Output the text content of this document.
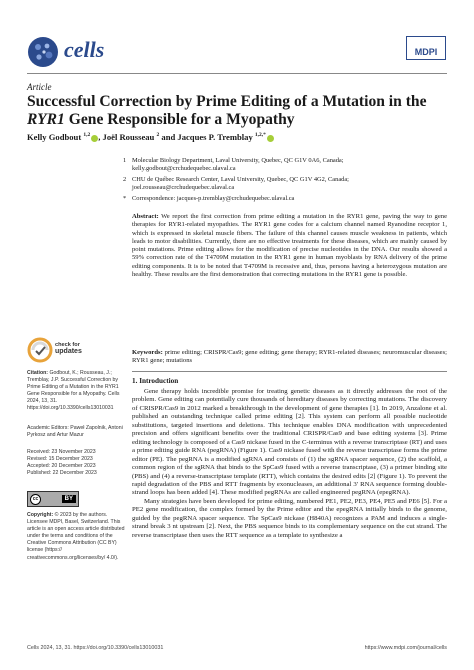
cells	MDPI
Article
Successful Correction by Prime Editing of a Mutation in the
RYR1 Gene Responsible for a Myopathy
Kelly Godbout $^{1,2}$ , Joël Rousseau $^2$ and Jacques P. Tremblay $^{1,2,*}$
1 Molecular Biology Department, Laval University, Quebec, QC G1V 0A6, Canada; kelly.godbout@crchudequebec.ulaval.ca
2 CHU de Québec Research Center, Laval University, Quebec, QC G1V 4G2, Canada; joel.rousseau@crchudequebec.ulaval.ca
* Correspondence: jacques-p.tremblay@crchudequebec.ulaval.ca
Abstract: We report the first correction from prime editing a mutation in the RYR1 gene, paving the way to gene therapies for RYR1-related myopathies. The RYR1 gene codes for a calcium channel named Ryanodine receptor 1, which is expressed in skeletal muscle fibers. The failure of this channel causes muscle weakness in patients, which leads to motor disabilities. Currently, there are no effective treatments for these diseases, which are mainly caused by point mutations. Prime editing allows for the modification of precise nucleotides in the DNA. Our results showed a 59% correction rate of the T4709M mutation in the RYR1 gene in human myoblasts by RNA delivery of the prime editing components. It is to be noted that T4709M is recessive and, thus, persons having a heterozygous mutation are healthy. These results are the first demonstration that correcting mutations in the RYR1 gene is possible.
Keywords: prime editing; CRISPR/Cas9; gene editing; gene therapy; RYR1-related diseases; neuromuscular diseases; RYR1 gene; mutations
check for
updates
Citation: Godbout, K.; Rousseau, J.; Tremblay, J.P. Successful Correction by Prime Editing of a Mutation in the RYR1 Gene Responsible for a Myopathy. Cells 2024, 13, 31. https://doi.org/10.3390/cells13010031
Academic Editors: Paweł Zapolnik, Antoni Pyrkosz and Artur Mazur
Received: 23 November 2023
Revised: 15 December 2023
Accepted: 20 December 2023
Published: 22 December 2023
cc	BY
Copyright: © 2023 by the authors. Licensee MDPI, Basel, Switzerland. This article is an open access article distributed under the terms and conditions of the Creative Commons Attribution (CC BY) license (https:// creativecommons.org/licenses/by/ 4.0/).
1. Introduction

Gene therapy holds incredible promise for treating genetic diseases as it directly addresses the root of the problem. Gene editing can potentially cure thousands of hereditary diseases by correcting mutations. The discovery of CRISPR/Cas9 in 2012 marked a breakthrough in the development of gene therapies [1]. In 2019, Anzalone et al. published an outstanding technique called prime editing [2]. This system can perform all possible nucleotide substitutions, targeted insertions and deletions. This technique enables DNA modification with unprecedented precision and offers significant benefits over the traditional CRISPR/Cas9 and base editing systems [3]. Prime editing technology is composed of a Cas9 nickase fused in the C-terminus with a reverse transcriptase (RT) and uses a prime editing guide RNA (pegRNA) (Figure 1). Cas9 nickase fused with the reverse transcriptase forms the prime editor (PE). The pegRNA is a modified sgRNA and consists of (1) the sgRNA spacer sequence, (2) the scaffold, a common region of the sgRNA that binds to the SpCas9 fused with a reverse transcriptase, (3) a primer binding site (PBS) and (4) a reverse-transcriptase template (RTT), which contains the desired edits [2] (Figure 1). To prevent the rapid degradation of the PBS and RTT fragments by exonucleases, an additional 3′ RNA sequence forming double-strand loops has been added [4]. These modified pegRNAs are called engineered pegRNA (epegRNA).

Many strategies have been developed for prime editing, numbered PE1, PE2, PE3, PE4, PE5 and PE6 [5]. For a PE2 gene modification, the complex formed by the Prime editor and the epegRNA initially binds to the genome, guided by the pegRNA spacer sequence. The SpCas9 nickase (H840A) recognizes a PAM and induces a single-strand break 3 nt upstream [2]. Next, the PBS sequence binds to its complementary sequence on the cut strand. The reverse transcriptase then uses the RTT sequence as a template to synthesize a

Cells 2024, 13, 31. https://doi.org/10.3390/cells13010031	https://www.mdpi.com/journal/cells
